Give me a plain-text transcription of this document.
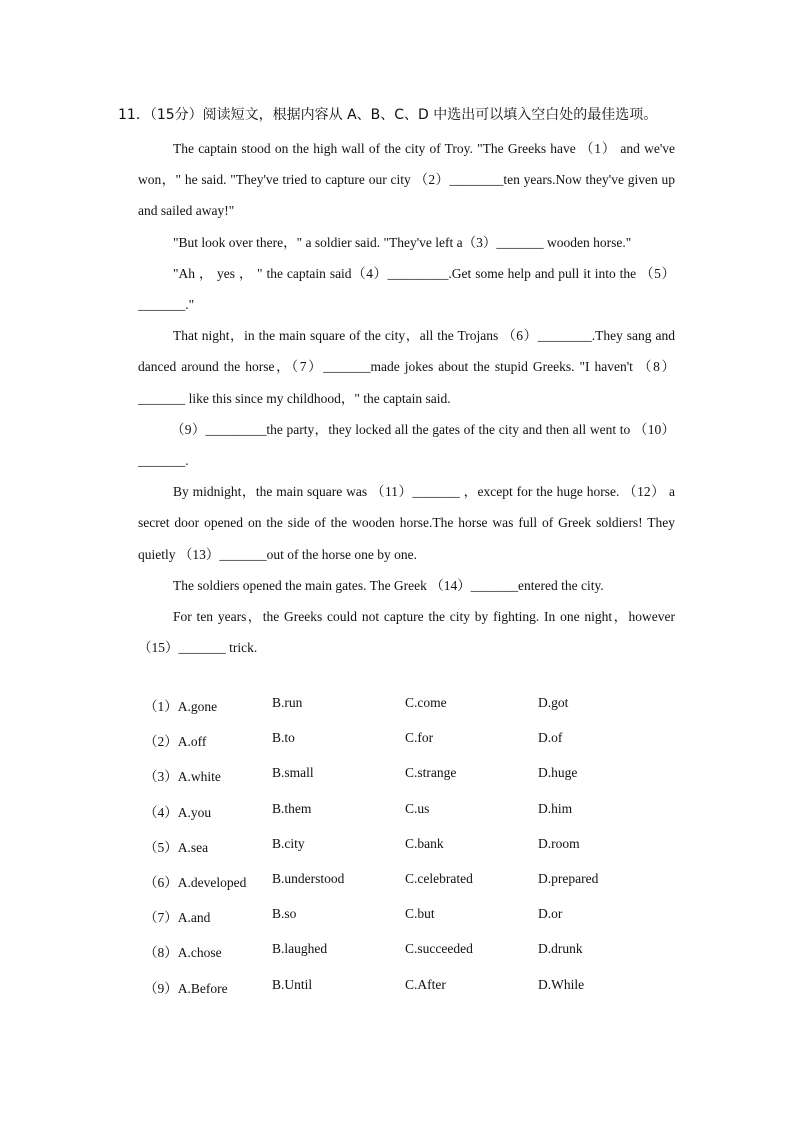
11．（15分）阅读短文，根据内容从 A、B、C、D 中选出可以填入空白处的最佳选项。

The captain stood on the high wall of the city of Troy. "The Greeks have （1） and we've won，" he said. "They've tried to capture our city （2）________ten years.Now they've given up and sailed away!"

"But look over there，" a soldier said. "They've left a（3）_______ wooden horse."

"Ah ， yes ， " the captain said（4）_________.Get some help and pull it into the （5）_______."

That night，in the main square of the city，all the Trojans （6）________.They sang and danced around the horse，（7）_______made jokes about the stupid Greeks. "I haven't （8）_______ like this since my childhood，" the captain said.

（9）_________the party，they locked all the gates of the city and then all went to （10）_______.

By midnight，the main square was （11）_______ ，except for the huge horse. （12） a secret door opened on the side of the wooden horse.The horse was full of Greek soldiers! They quietly （13）_______out of the horse one by one.

The soldiers opened the main gates. The Greek （14）_______entered the city.

For ten years，the Greeks could not capture the city by fighting. In one night，however （15）_______ trick.

（1）A.gone	B.run	C.come	D.got
（2）A.off	B.to	C.for	D.of
（3）A.white	B.small	C.strange	D.huge
（4）A.you	B.them	C.us	D.him
（5）A.sea	B.city	C.bank	D.room
（6）A.developed B.understood	C.celebrated	D.prepared
（7）A.and	B.so	C.but	D.or
（8）A.chose	B.laughed	C.succeeded	D.drunk
（9）A.Before	B.Until	C.After	D.While
